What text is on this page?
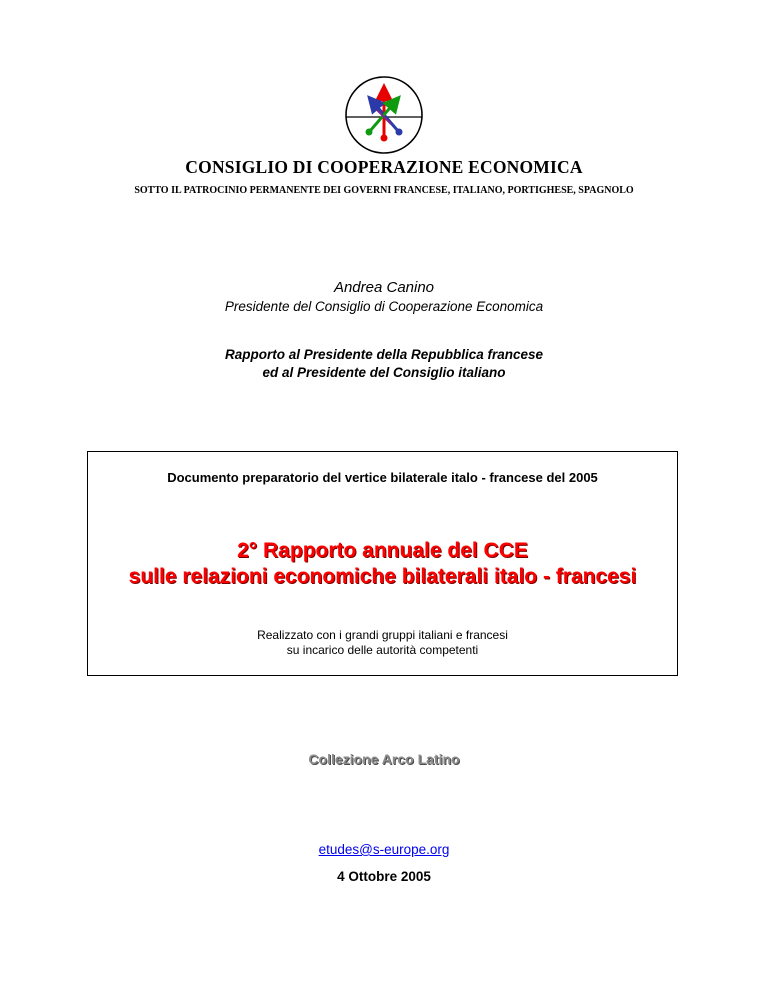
CONSIGLIO DI COOPERAZIONE ECONOMICA
SOTTO IL PATROCINIO PERMANENTE DEI GOVERNI FRANCESE, ITALIANO, PORTIGHESE, SPAGNOLO
Andrea Canino
Presidente del Consiglio di Cooperazione Economica
Rapporto al Presidente della Repubblica francese
ed al Presidente del Consiglio italiano
Documento preparatorio del vertice bilaterale italo - francese del 2005
2° Rapporto annuale del CCE
sulle relazioni economiche bilaterali italo - francesi
Realizzato con i grandi gruppi italiani e francesi
su incarico delle autorità competenti
Collezione Arco Latino
etudes@s-europe.org
4 Ottobre 2005
